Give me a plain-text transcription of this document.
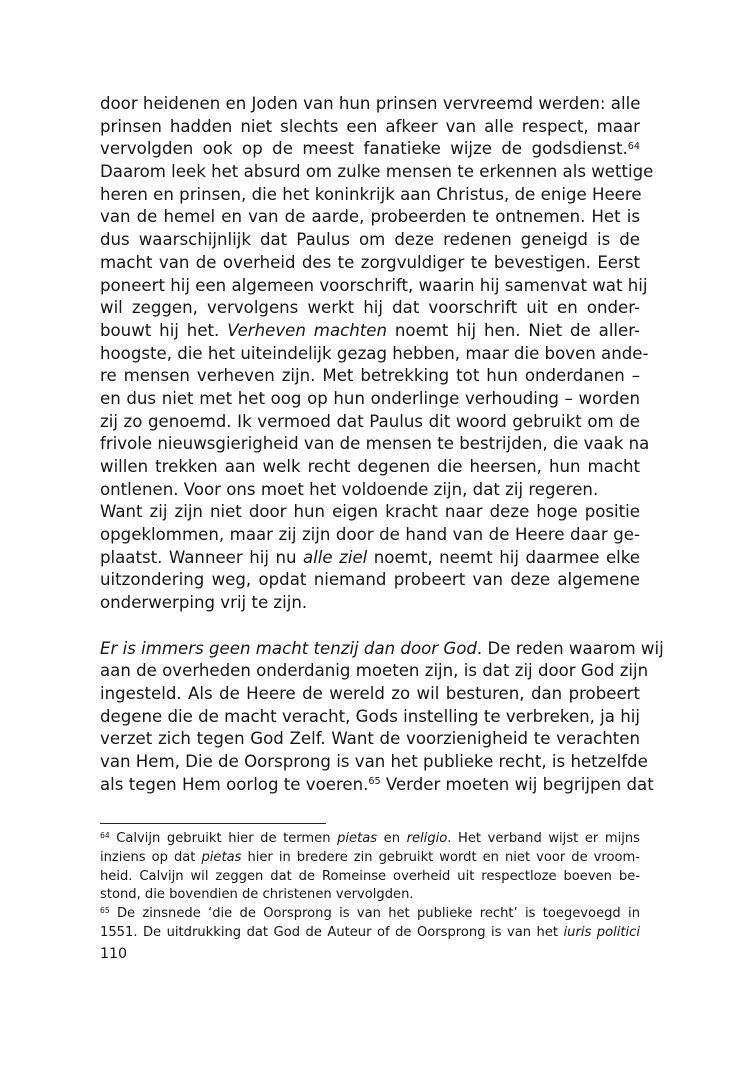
door heidenen en Joden van hun prinsen vervreemd werden: alle
prinsen hadden niet slechts een afkeer van alle respect, maar
vervolgden ook op de meest fanatieke wijze de godsdienst.$^{64}$
Daarom leek het absurd om zulke mensen te erkennen als wettige
heren en prinsen, die het koninkrijk aan Christus, de enige Heere
van de hemel en van de aarde, probeerden te ontnemen. Het is
dus waarschijnlijk dat Paulus om deze redenen geneigd is de
macht van de overheid des te zorgvuldiger te bevestigen. Eerst
poneert hij een algemeen voorschrift, waarin hij samenvat wat hij
wil zeggen, vervolgens werkt hij dat voorschrift uit en onder-
bouwt hij het. Verheven machten noemt hij hen. Niet de aller-
hoogste, die het uiteindelijk gezag hebben, maar die boven ande-
re mensen verheven zijn. Met betrekking tot hun onderdanen –
en dus niet met het oog op hun onderlinge verhouding – worden
zij zo genoemd. Ik vermoed dat Paulus dit woord gebruikt om de
frivole nieuwsgierigheid van de mensen te bestrijden, die vaak na
willen trekken aan welk recht degenen die heersen, hun macht
ontlenen. Voor ons moet het voldoende zijn, dat zij regeren.
Want zij zijn niet door hun eigen kracht naar deze hoge positie
opgeklommen, maar zij zijn door de hand van de Heere daar ge-
plaatst. Wanneer hij nu alle ziel noemt, neemt hij daarmee elke
uitzondering weg, opdat niemand probeert van deze algemene
onderwerping vrij te zijn.
Er is immers geen macht tenzij dan door God. De reden waarom wij
aan de overheden onderdanig moeten zijn, is dat zij door God zijn
ingesteld. Als de Heere de wereld zo wil besturen, dan probeert
degene die de macht veracht, Gods instelling te verbreken, ja hij
verzet zich tegen God Zelf. Want de voorzienigheid te verachten
van Hem, Die de Oorsprong is van het publieke recht, is hetzelfde
als tegen Hem oorlog te voeren.$^{65}$ Verder moeten wij begrijpen dat
$^{64}$ Calvijn gebruikt hier de termen pietas en religio. Het verband wijst er mijns
inziens op dat pietas hier in bredere zin gebruikt wordt en niet voor de vroom-
heid. Calvijn wil zeggen dat de Romeinse overheid uit respectloze boeven be-
stond, die bovendien de christenen vervolgden.
$^{65}$ De zinsnede ‘die de Oorsprong is van het publieke recht’ is toegevoegd in
1551. De uitdrukking dat God de Auteur of de Oorsprong is van het iuris politici
110
